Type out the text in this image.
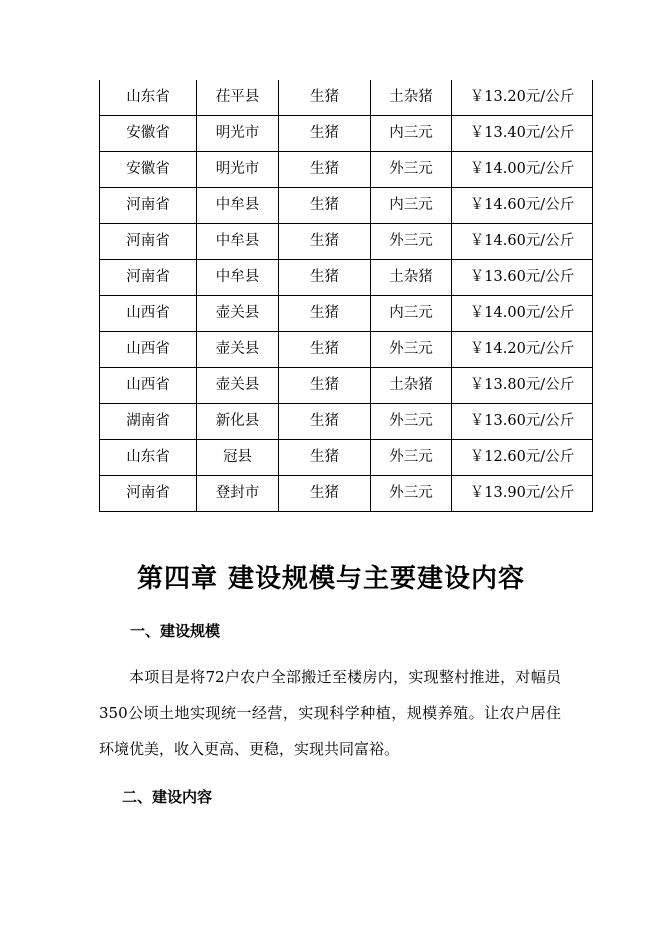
山东省	茌平县	生猪	土杂猪	￥13.20元/公斤
安徽省	明光市	生猪	内三元	￥13.40元/公斤
安徽省	明光市	生猪	外三元	￥14.00元/公斤
河南省	中牟县	生猪	内三元	￥14.60元/公斤
河南省	中牟县	生猪	外三元	￥14.60元/公斤
河南省	中牟县	生猪	土杂猪	￥13.60元/公斤
山西省	壶关县	生猪	内三元	￥14.00元/公斤
山西省	壶关县	生猪	外三元	￥14.20元/公斤
山西省	壶关县	生猪	土杂猪	￥13.80元/公斤
湖南省	新化县	生猪	外三元	￥13.60元/公斤
山东省	冠县	生猪	外三元	￥12.60元/公斤
河南省	登封市	生猪	外三元	￥13.90元/公斤
第四章 建设规模与主要建设内容
一、建设规模

本项目是将72户农户全部搬迁至楼房内，实现整村推进，对幅员350公顷土地实现统一经营，实现科学种植，规模养殖。让农户居住环境优美，收入更高、更稳，实现共同富裕。

二、建设内容
